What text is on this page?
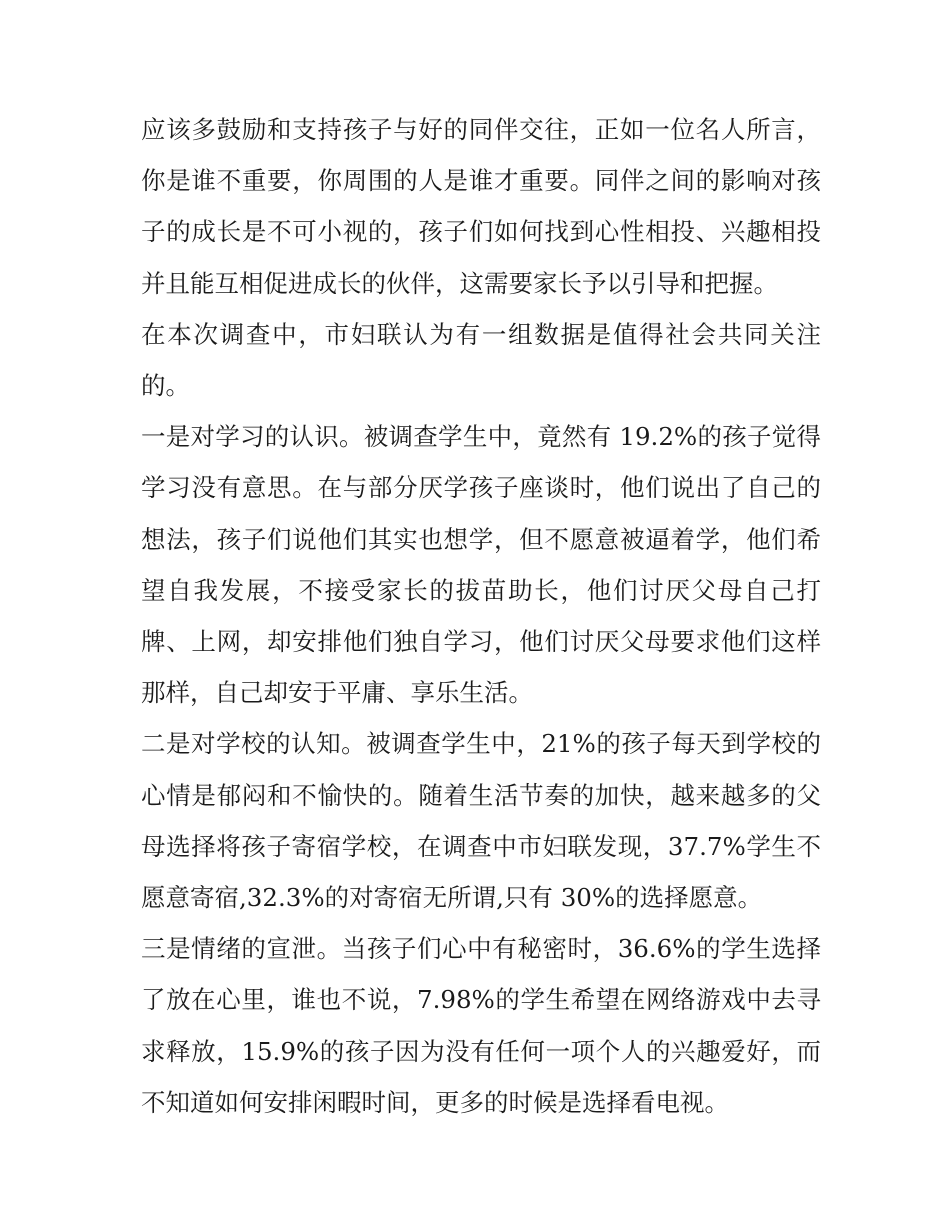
应该多鼓励和支持孩子与好的同伴交往，正如一位名人所言，你是谁不重要，你周围的人是谁才重要。同伴之间的影响对孩子的成长是不可小视的，孩子们如何找到心性相投、兴趣相投并且能互相促进成长的伙伴，这需要家长予以引导和把握。

在本次调查中，市妇联认为有一组数据是值得社会共同关注的。

一是对学习的认识。被调查学生中，竟然有 19.2%的孩子觉得学习没有意思。在与部分厌学孩子座谈时，他们说出了自己的想法，孩子们说他们其实也想学，但不愿意被逼着学，他们希望自我发展，不接受家长的拔苗助长，他们讨厌父母自己打牌、上网，却安排他们独自学习，他们讨厌父母要求他们这样那样，自己却安于平庸、享乐生活。

二是对学校的认知。被调查学生中，21%的孩子每天到学校的心情是郁闷和不愉快的。随着生活节奏的加快，越来越多的父母选择将孩子寄宿学校，在调查中市妇联发现，37.7%学生不愿意寄宿,32.3%的对寄宿无所谓,只有 30%的选择愿意。

三是情绪的宣泄。当孩子们心中有秘密时，36.6%的学生选择了放在心里，谁也不说，7.98%的学生希望在网络游戏中去寻求释放，15.9%的孩子因为没有任何一项个人的兴趣爱好，而不知道如何安排闲暇时间，更多的时候是选择看电视。
